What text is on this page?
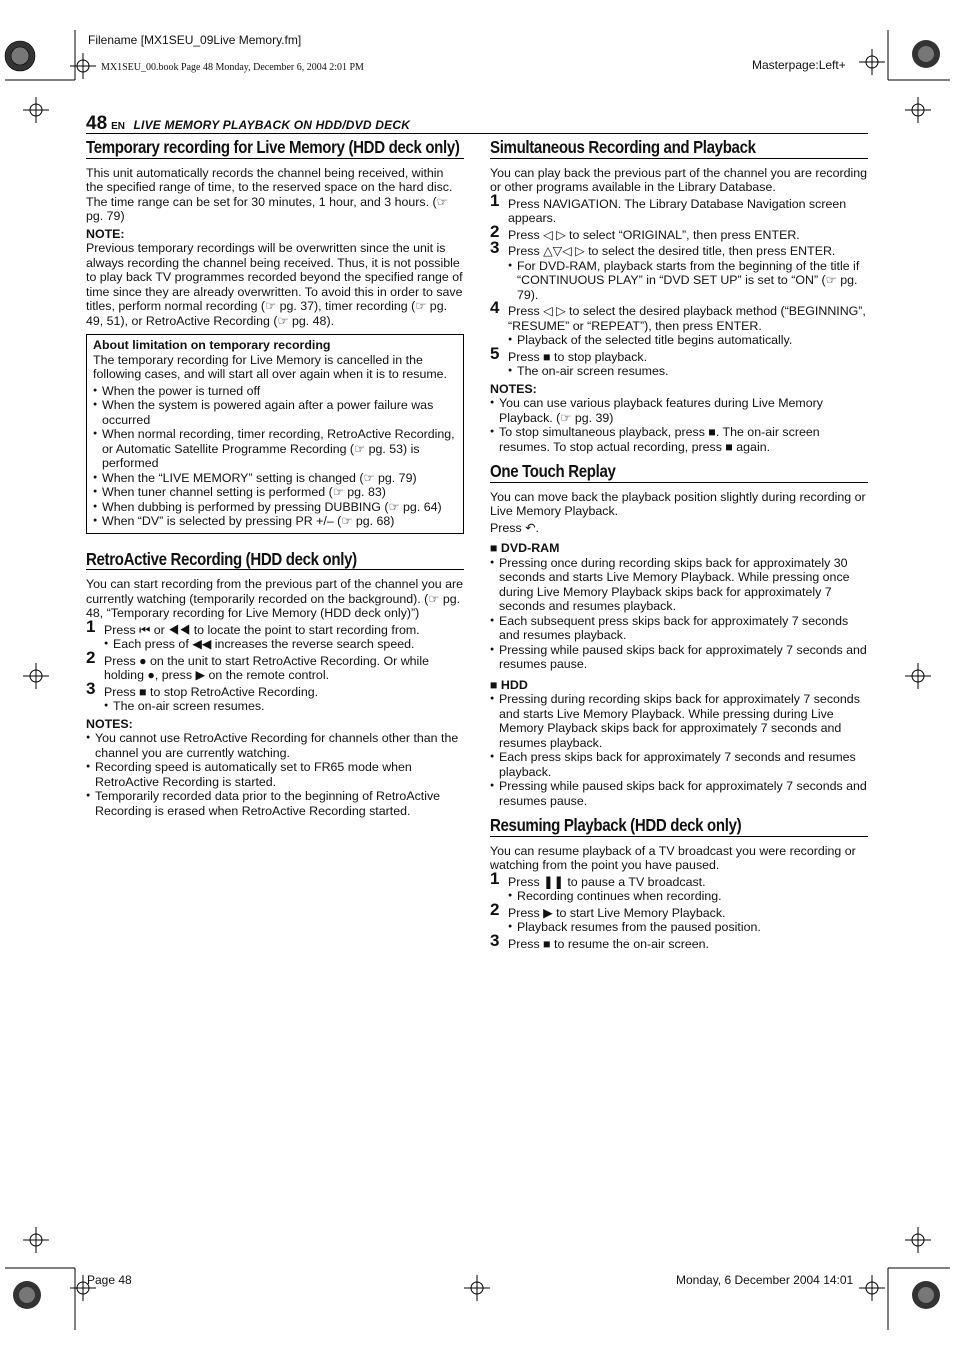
Filename [MX1SEU_09Live Memory.fm]
MX1SEU_00.book Page 48 Monday, December 6, 2004 2:01 PM	Masterpage:Left+
Page 48	Monday, 6 December 2004 14:01
48 EN LIVE MEMORY PLAYBACK ON HDD/DVD DECK
Temporary recording for Live Memory (HDD deck only)

This unit automatically records the channel being received, within the specified range of time, to the reserved space on the hard disc. The time range can be set for 30 minutes, 1 hour, and 3 hours. (☞ pg. 79)

NOTE:

Previous temporary recordings will be overwritten since the unit is always recording the channel being received. Thus, it is not possible to play back TV programmes recorded beyond the specified range of time since they are already overwritten. To avoid this in order to save titles, perform normal recording (☞ pg. 37), timer recording (☞ pg. 49, 51), or RetroActive Recording (☞ pg. 48).

About limitation on temporary recording

The temporary recording for Live Memory is cancelled in the following cases, and will start all over again when it is to resume.

● When the power is turned off
● When the system is powered again after a power failure was occurred
● When normal recording, timer recording, RetroActive Recording, or Automatic Satellite Programme Recording (☞ pg. 53) is performed
● When the “LIVE MEMORY” setting is changed (☞ pg. 79)
● When tuner channel setting is performed (☞ pg. 83)
● When dubbing is performed by pressing DUBBING (☞ pg. 64)
● When “DV” is selected by pressing PR +/– (☞ pg. 68)
RetroActive Recording (HDD deck only)

You can start recording from the previous part of the channel you are currently watching (temporarily recorded on the background). (☞ pg. 48, “Temporary recording for Live Memory (HDD deck only)”)

1 Press ⏮ or ◀◀ to locate the point to start recording from.
● Each press of ◀◀ increases the reverse search speed.
2 Press ● on the unit to start RetroActive Recording. Or while holding ●, press ▶ on the remote control.
3 Press ■ to stop RetroActive Recording.
● The on-air screen resumes.
NOTES:
● You cannot use RetroActive Recording for channels other than the channel you are currently watching.
● Recording speed is automatically set to FR65 mode when RetroActive Recording is started.
● Temporarily recorded data prior to the beginning of RetroActive Recording is erased when RetroActive Recording started.
Simultaneous Recording and Playback

You can play back the previous part of the channel you are recording or other programs available in the Library Database.

1 Press NAVIGATION. The Library Database Navigation screen appears.
2 Press ◁ ▷ to select “ORIGINAL”, then press ENTER.
3 Press △▽◁ ▷ to select the desired title, then press ENTER.
● For DVD-RAM, playback starts from the beginning of the title if “CONTINUOUS PLAY” in “DVD SET UP” is set to “ON” (☞ pg. 79).
4 Press ◁ ▷ to select the desired playback method (“BEGINNING”, “RESUME” or “REPEAT”), then press ENTER.
● Playback of the selected title begins automatically.
5 Press ■ to stop playback.
● The on-air screen resumes.
NOTES:
● You can use various playback features during Live Memory Playback. (☞ pg. 39)
● To stop simultaneous playback, press ■. The on-air screen resumes. To stop actual recording, press ■ again.
One Touch Replay

You can move back the playback position slightly during recording or Live Memory Playback.

Press ↶.

■ DVD-RAM
● Pressing once during recording skips back for approximately 30 seconds and starts Live Memory Playback. While pressing once during Live Memory Playback skips back for approximately 7 seconds and resumes playback.
● Each subsequent press skips back for approximately 7 seconds and resumes playback.
● Pressing while paused skips back for approximately 7 seconds and resumes pause.
■ HDD
● Pressing during recording skips back for approximately 7 seconds and starts Live Memory Playback. While pressing during Live Memory Playback skips back for approximately 7 seconds and resumes playback.
● Each press skips back for approximately 7 seconds and resumes playback.
● Pressing while paused skips back for approximately 7 seconds and resumes pause.
Resuming Playback (HDD deck only)

You can resume playback of a TV broadcast you were recording or watching from the point you have paused.

1 Press ❚❚ to pause a TV broadcast.
● Recording continues when recording.
2 Press ▶ to start Live Memory Playback.
● Playback resumes from the paused position.
3 Press ■ to resume the on-air screen.
